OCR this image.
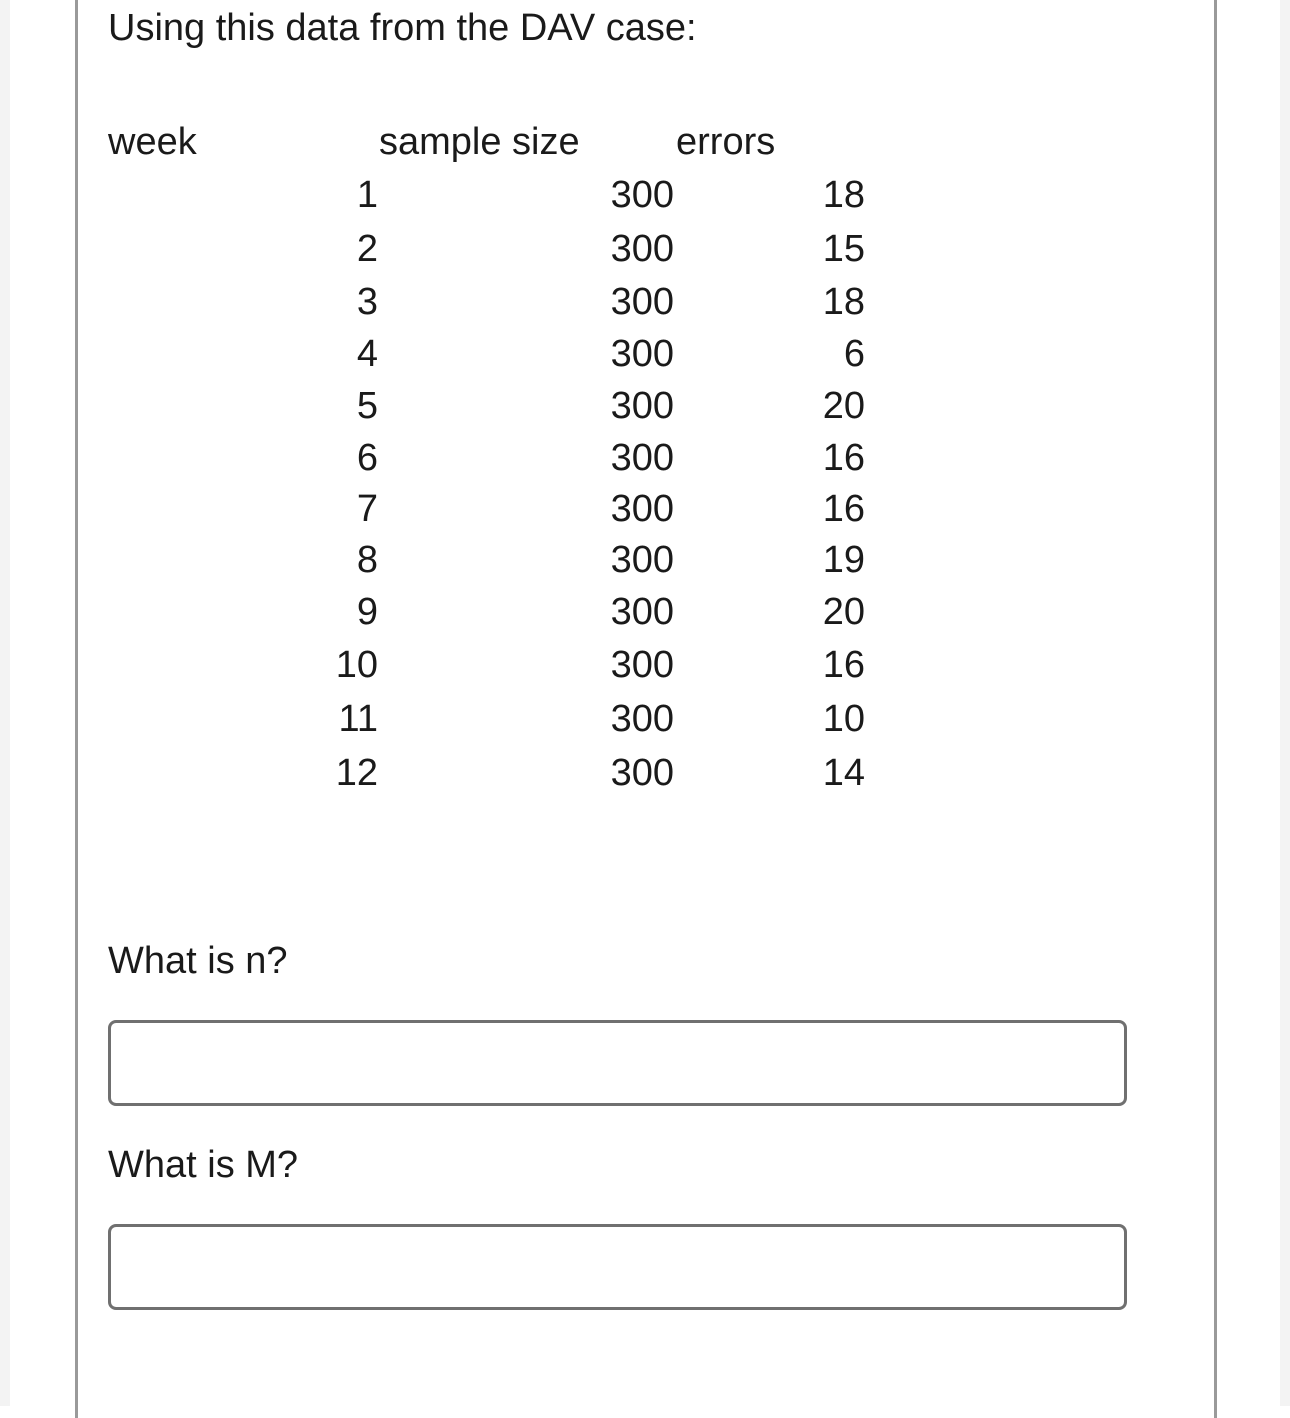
Using this data from the DAV case:
week	sample size	errors
1	300	18
2	300	15
3	300	18
4	300	6
5	300	20
6	300	16
7	300	16
8	300	19
9	300	20
10	300	16
11	300	10
12	300	14
What is n?
What is M?
